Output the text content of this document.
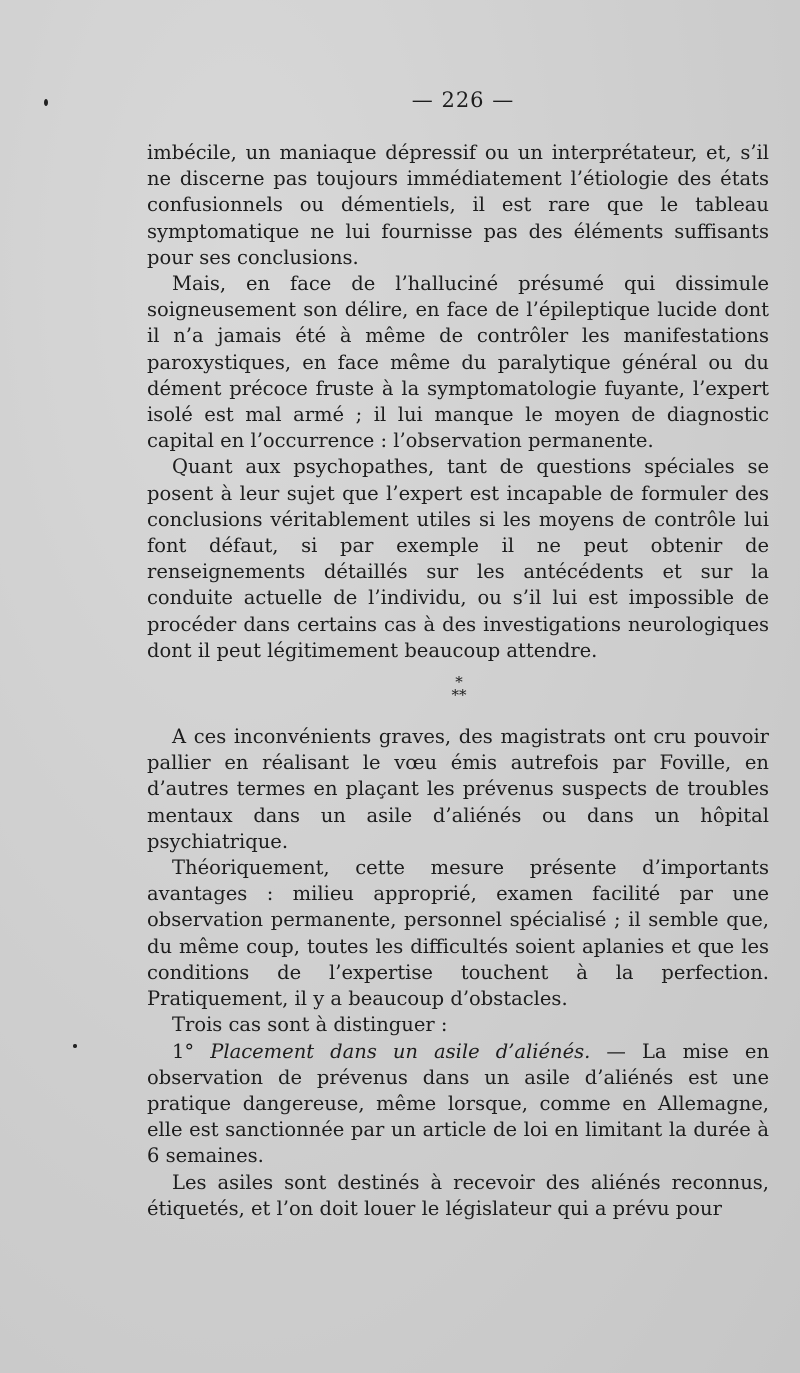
— 226 —

imbécile, un maniaque dépressif ou un interprétateur, et, s’il ne discerne pas toujours immédiatement l’étiologie des états confusionnels ou démentiels, il est rare que le tableau symptomatique ne lui fournisse pas des éléments suffisants pour ses conclusions.

Mais, en face de l’halluciné présumé qui dissimule soigneusement son délire, en face de l’épileptique lucide dont il n’a jamais été à même de contrôler les manifestations paroxystiques, en face même du paralytique général ou du dément précoce fruste à la symptomatologie fuyante, l’expert isolé est mal armé ; il lui manque le moyen de diagnostic capital en l’occurrence : l’observation permanente.

Quant aux psychopathes, tant de questions spéciales se posent à leur sujet que l’expert est incapable de formuler des conclusions véritablement utiles si les moyens de contrôle lui font défaut, si par exemple il ne peut obtenir de renseignements détaillés sur les antécédents et sur la conduite actuelle de l’individu, ou s’il lui est impossible de procéder dans certains cas à des investigations neurologiques dont il peut légitimement beaucoup attendre.

*
**

A ces inconvénients graves, des magistrats ont cru pouvoir pallier en réalisant le vœu émis autrefois par Foville, en d’autres termes en plaçant les prévenus suspects de troubles mentaux dans un asile d’aliénés ou dans un hôpital psychiatrique.

Théoriquement, cette mesure présente d’importants avantages : milieu approprié, examen facilité par une observation permanente, personnel spécialisé ; il semble que, du même coup, toutes les difficultés soient aplanies et que les conditions de l’expertise touchent à la perfection. Pratiquement, il y a beaucoup d’obstacles.

Trois cas sont à distinguer :

1° Placement dans un asile d’aliénés. — La mise en observation de prévenus dans un asile d’aliénés est une pratique dangereuse, même lorsque, comme en Allemagne, elle est sanctionnée par un article de loi en limitant la durée à 6 semaines.

Les asiles sont destinés à recevoir des aliénés reconnus, étiquetés, et l’on doit louer le législateur qui a prévu pour
